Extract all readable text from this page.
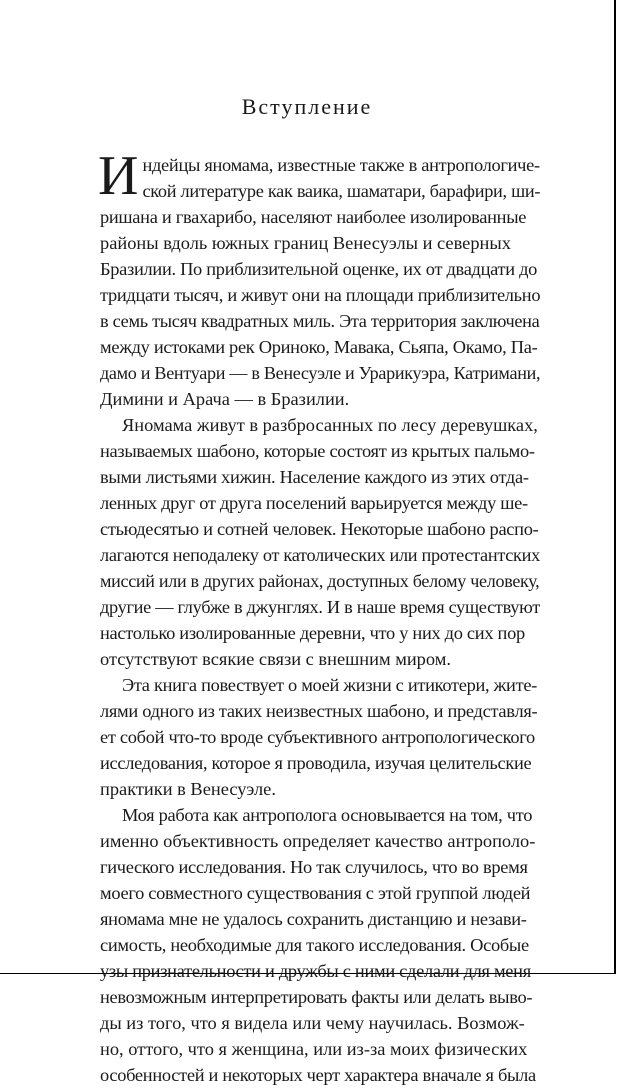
Вступление
И ндейцы яномама, известные также в антропологиче-
ской литературе как ваика, шаматари, барафири, ши-
ришана и гваxарибо, населяют наиболее изолированные
районы вдоль южных границ Венесуэлы и северных
Бразилии. По приблизительной оценке, их от двадцати до
тридцати тысяч, и живут они на площади приблизительно
в семь тысяч квадратных миль. Эта территория заключена
между истоками рек Ориноко, Мавака, Сьяпа, Окамо, Па-
дамо и Вентуари — в Венесуэле и Урарикуэра, Катримани,
Димини и Арача — в Бразилии.
Яномама живут в разбросанных по лесу деревушках,
называемых шабоно, которые состоят из крытых пальмо-
выми листьями хижин. Население каждого из этих отда-
ленных друг от друга поселений варьируется между ше-
стьюдесятью и сотней человек. Некоторые шабоно распо-
лагаются неподалеку от католических или протестантских
миссий или в других районах, доступных белому человеку,
другие — глубже в джунглях. И в наше время существуют
настолько изолированные деревни, что у них до сих пор
отсутствуют всякие связи с внешним миром.
Эта книга повествует о моей жизни с итикотери, жите-
лями одного из таких неизвестных шабоно, и представля-
ет собой что-то вроде субъективного антропологического
исследования, которое я проводила, изучая целительские
практики в Венесуэле.
Моя работа как антрополога основывается на том, что
именно объективность определяет качество антрополо-
гического исследования. Но так случилось, что во время
моего совместного существования с этой группой людей
яномама мне не удалось сохранить дистанцию и незави-
симость, необходимые для такого исследования. Особые
узы признательности и дружбы с ними сделали для меня
невозможным интерпретировать факты или делать выво-
ды из того, что я видела или чему научилась. Возмож-
но, оттого, что я женщина, или из-за моих физических
особенностей и некоторых черт характера вначале я была
